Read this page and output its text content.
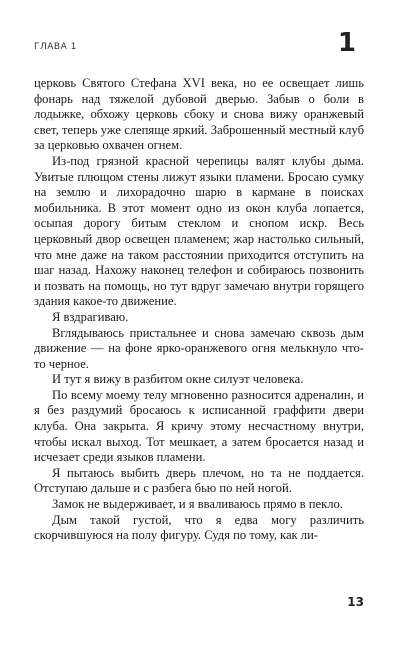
ГЛАВА 1	1

церковь Святого Стефана XVI века, но ее освещает лишь фонарь над тяжелой дубовой дверью. Забыв о боли в лодыжке, обхожу церковь сбоку и снова вижу оранжевый свет, теперь уже слепяще яркий. Заброшенный местный клуб за церковью охвачен огнем.

Из-под грязной красной черепицы валят клубы дыма. Увитые плющом стены лижут языки пламени. Бросаю сумку на землю и лихорадочно шарю в кармане в поисках мобильника. В этот момент одно из окон клуба лопается, осыпая дорогу битым стеклом и снопом искр. Весь церковный двор освещен пламенем; жар настолько сильный, что мне даже на таком расстоянии приходится отступить на шаг назад. Нахожу наконец телефон и собираюсь позвонить и позвать на помощь, но тут вдруг замечаю внутри горящего здания какое-то движение.

Я вздрагиваю.

Вглядываюсь пристальнее и снова замечаю сквозь дым движение — на фоне ярко-оранжевого огня мелькнуло что-то черное.

И тут я вижу в разбитом окне силуэт человека.

По всему моему телу мгновенно разносится адреналин, и я без раздумий бросаюсь к исписанной граффити двери клуба. Она закрыта. Я кричу этому несчастному внутри, чтобы искал выход. Тот мешкает, а затем бросается назад и исчезает среди языков пламени.

Я пытаюсь выбить дверь плечом, но та не поддается. Отступаю дальше и с разбега бью по ней ногой.

Замок не выдерживает, и я вваливаюсь прямо в пекло.

Дым такой густой, что я едва могу различить скорчившуюся на полу фигуру. Судя по тому, как ли-

13
